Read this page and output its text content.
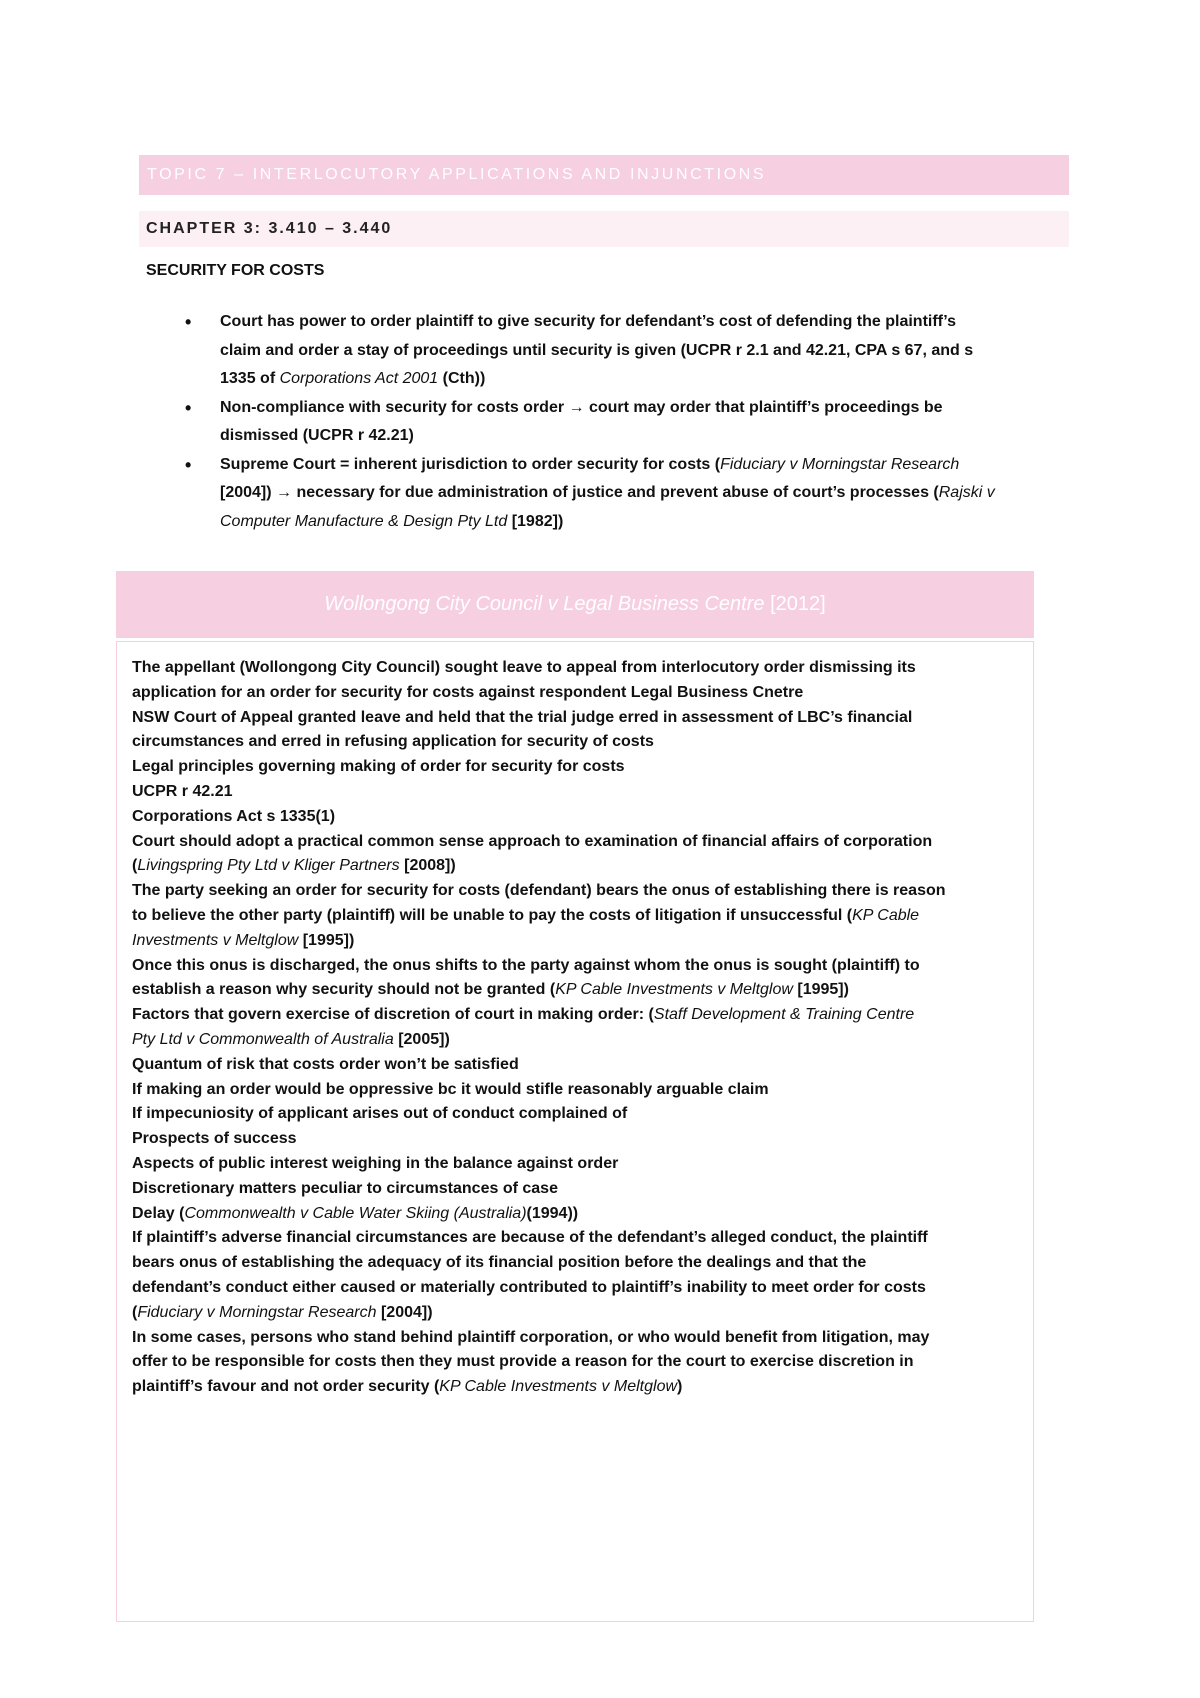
TOPIC 7 – INTERLOCUTORY APPLICATIONS AND INJUNCTIONS
CHAPTER 3: 3.410 – 3.440

SECURITY FOR COSTS

• Court has power to order plaintiff to give security for defendant’s cost of defending the plaintiff’s
claim and order a stay of proceedings until security is given (UCPR r 2.1 and 42.21, CPA s 67, and s
1335 of Corporations Act 2001 (Cth))
• Non-compliance with security for costs order → court may order that plaintiff’s proceedings be
dismissed (UCPR r 42.21)
• Supreme Court = inherent jurisdiction to order security for costs (Fiduciary v Morningstar Research
[2004]) → necessary for due administration of justice and prevent abuse of court’s processes (Rajski v
Computer Manufacture & Design Pty Ltd [1982])
Wollongong City Council v Legal Business Centre [2012]
The appellant (Wollongong City Council) sought leave to appeal from interlocutory order dismissing its
application for an order for security for costs against respondent Legal Business Cnetre
NSW Court of Appeal granted leave and held that the trial judge erred in assessment of LBC’s financial
circumstances and erred in refusing application for security of costs
Legal principles governing making of order for security for costs
UCPR r 42.21
Corporations Act s 1335(1)
Court should adopt a practical common sense approach to examination of financial affairs of corporation
(Livingspring Pty Ltd v Kliger Partners [2008])
The party seeking an order for security for costs (defendant) bears the onus of establishing there is reason
to believe the other party (plaintiff) will be unable to pay the costs of litigation if unsuccessful (KP Cable
Investments v Meltglow [1995])
Once this onus is discharged, the onus shifts to the party against whom the onus is sought (plaintiff) to
establish a reason why security should not be granted (KP Cable Investments v Meltglow [1995])
Factors that govern exercise of discretion of court in making order: (Staff Development & Training Centre
Pty Ltd v Commonwealth of Australia [2005])
Quantum of risk that costs order won’t be satisfied
If making an order would be oppressive bc it would stifle reasonably arguable claim
If impecuniosity of applicant arises out of conduct complained of
Prospects of success
Aspects of public interest weighing in the balance against order
Discretionary matters peculiar to circumstances of case
Delay (Commonwealth v Cable Water Skiing (Australia)(1994))
If plaintiff’s adverse financial circumstances are because of the defendant’s alleged conduct, the plaintiff
bears onus of establishing the adequacy of its financial position before the dealings and that the
defendant’s conduct either caused or materially contributed to plaintiff’s inability to meet order for costs
(Fiduciary v Morningstar Research [2004])
In some cases, persons who stand behind plaintiff corporation, or who would benefit from litigation, may
offer to be responsible for costs then they must provide a reason for the court to exercise discretion in
plaintiff’s favour and not order security (KP Cable Investments v Meltglow)
